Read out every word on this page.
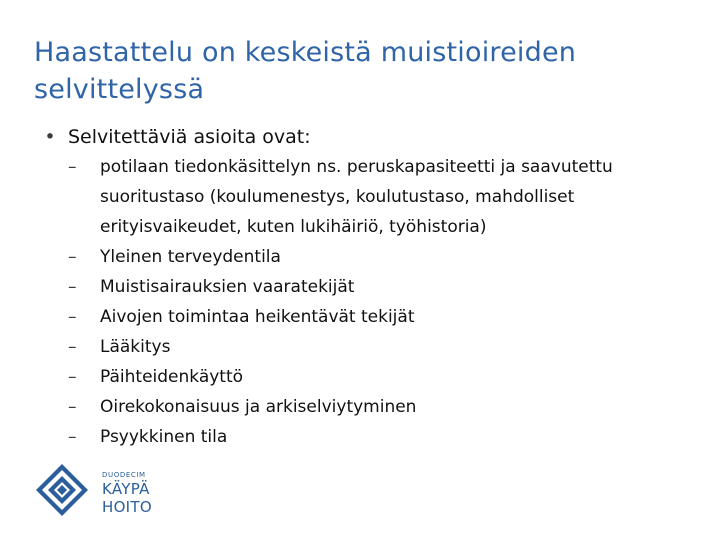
Haastattelu on keskeistä muistioireiden selvittelyssä
• Selvitettäviä asioita ovat:
–	potilaan tiedonkäsittelyn ns. peruskapasiteetti ja saavutettu suoritustaso (koulumenestys, koulutustaso, mahdolliset erityisvaikeudet, kuten lukihäiriö, työhistoria)
–	Yleinen terveydentila
–	Muistisairauksien vaaratekijät
–	Aivojen toimintaa heikentävät tekijät
–	Lääkitys
–	Päihteidenkäyttö
–	Oirekokonaisuus ja arkiselviytyminen
–	Psyykkinen tila
DUODECIM
KÄYPÄ HOITO
